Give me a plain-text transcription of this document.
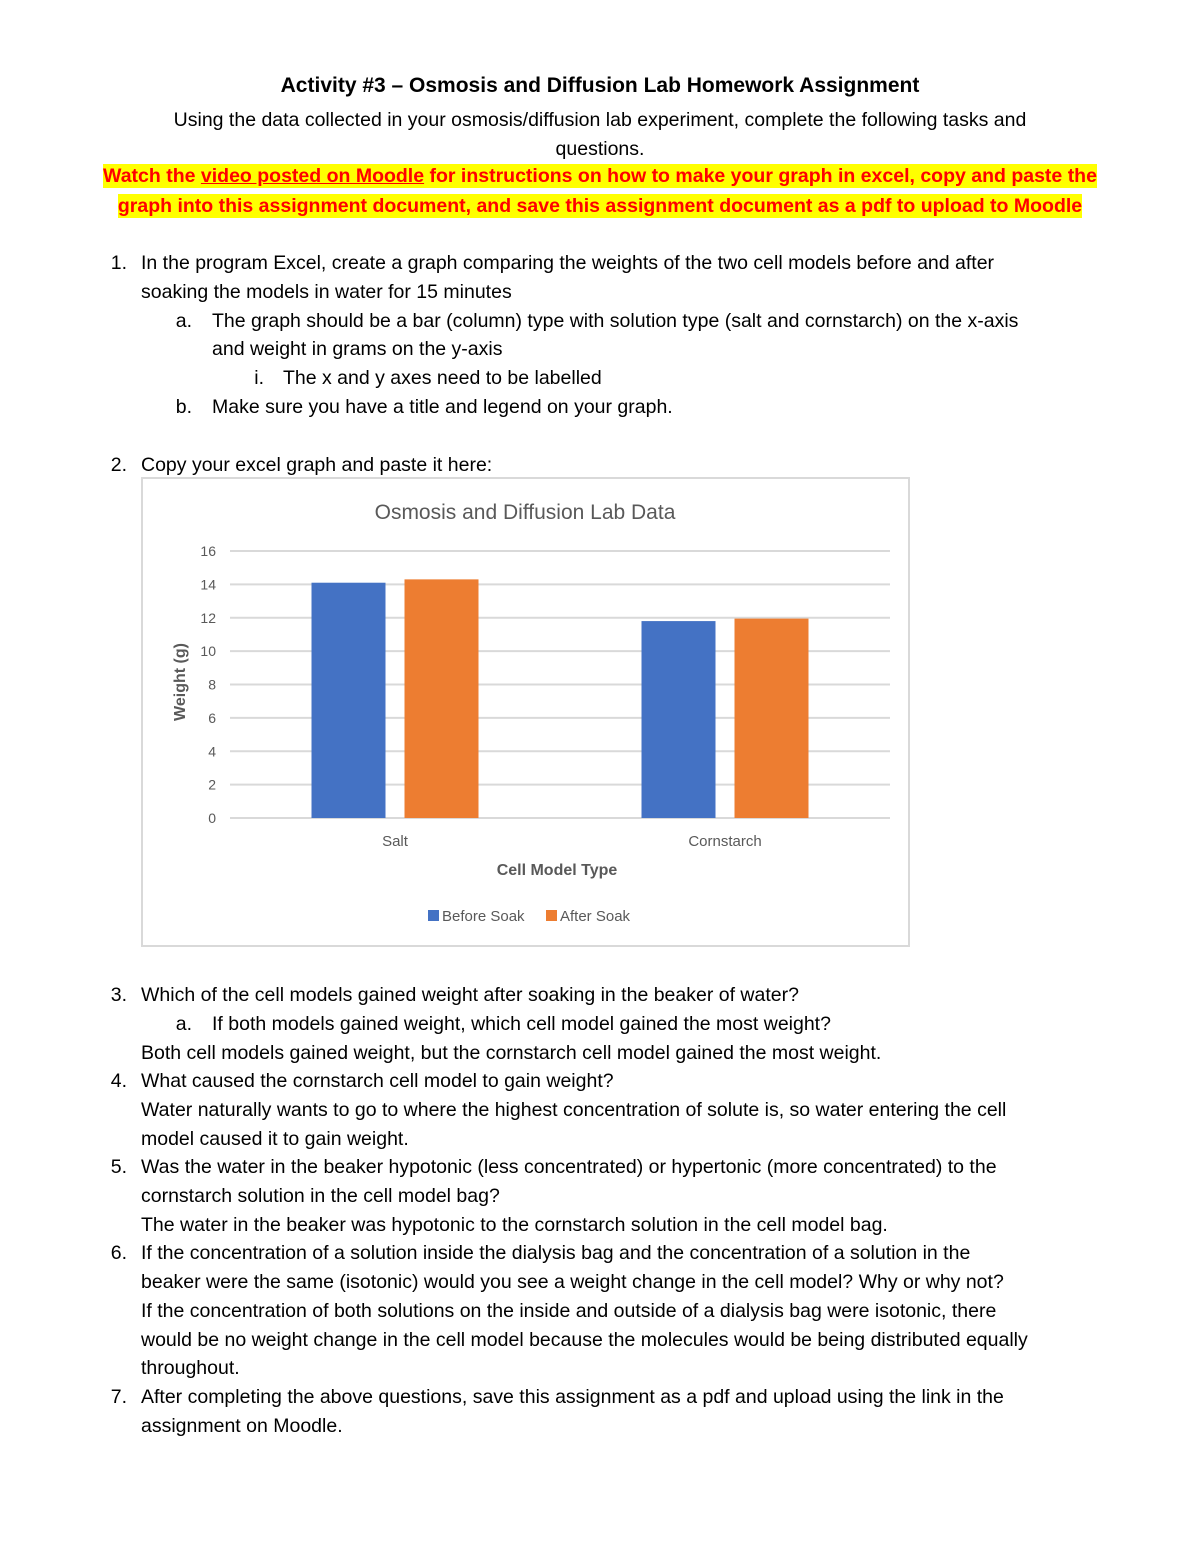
Activity #3 – Osmosis and Diffusion Lab Homework Assignment
Using the data collected in your osmosis/diffusion lab experiment, complete the following tasks and
questions.
Watch the video posted on Moodle for instructions on how to make your graph in excel, copy and paste the
graph into this assignment document, and save this assignment document as a pdf to upload to Moodle
1. In the program Excel, create a graph comparing the weights of the two cell models before and after
soaking the models in water for 15 minutes
a. The graph should be a bar (column) type with solution type (salt and cornstarch) on the x-axis
and weight in grams on the y-axis
i. The x and y axes need to be labelled
b. Make sure you have a title and legend on your graph.
2. Copy your excel graph and paste it here:
Osmosis and Diffusion Lab Data
0
2
4
6
8
10
12
14
16
Salt	Cornstarch
Weight (g)
Cell Model Type
Before Soak After Soak
3. Which of the cell models gained weight after soaking in the beaker of water?
a. If both models gained weight, which cell model gained the most weight?
Both cell models gained weight, but the cornstarch cell model gained the most weight.
4. What caused the cornstarch cell model to gain weight?
Water naturally wants to go to where the highest concentration of solute is, so water entering the cell
model caused it to gain weight.
5. Was the water in the beaker hypotonic (less concentrated) or hypertonic (more concentrated) to the
cornstarch solution in the cell model bag?
The water in the beaker was hypotonic to the cornstarch solution in the cell model bag.
6. If the concentration of a solution inside the dialysis bag and the concentration of a solution in the
beaker were the same (isotonic) would you see a weight change in the cell model? Why or why not?
If the concentration of both solutions on the inside and outside of a dialysis bag were isotonic, there
would be no weight change in the cell model because the molecules would be being distributed equally
throughout.
7. After completing the above questions, save this assignment as a pdf and upload using the link in the
assignment on Moodle.
